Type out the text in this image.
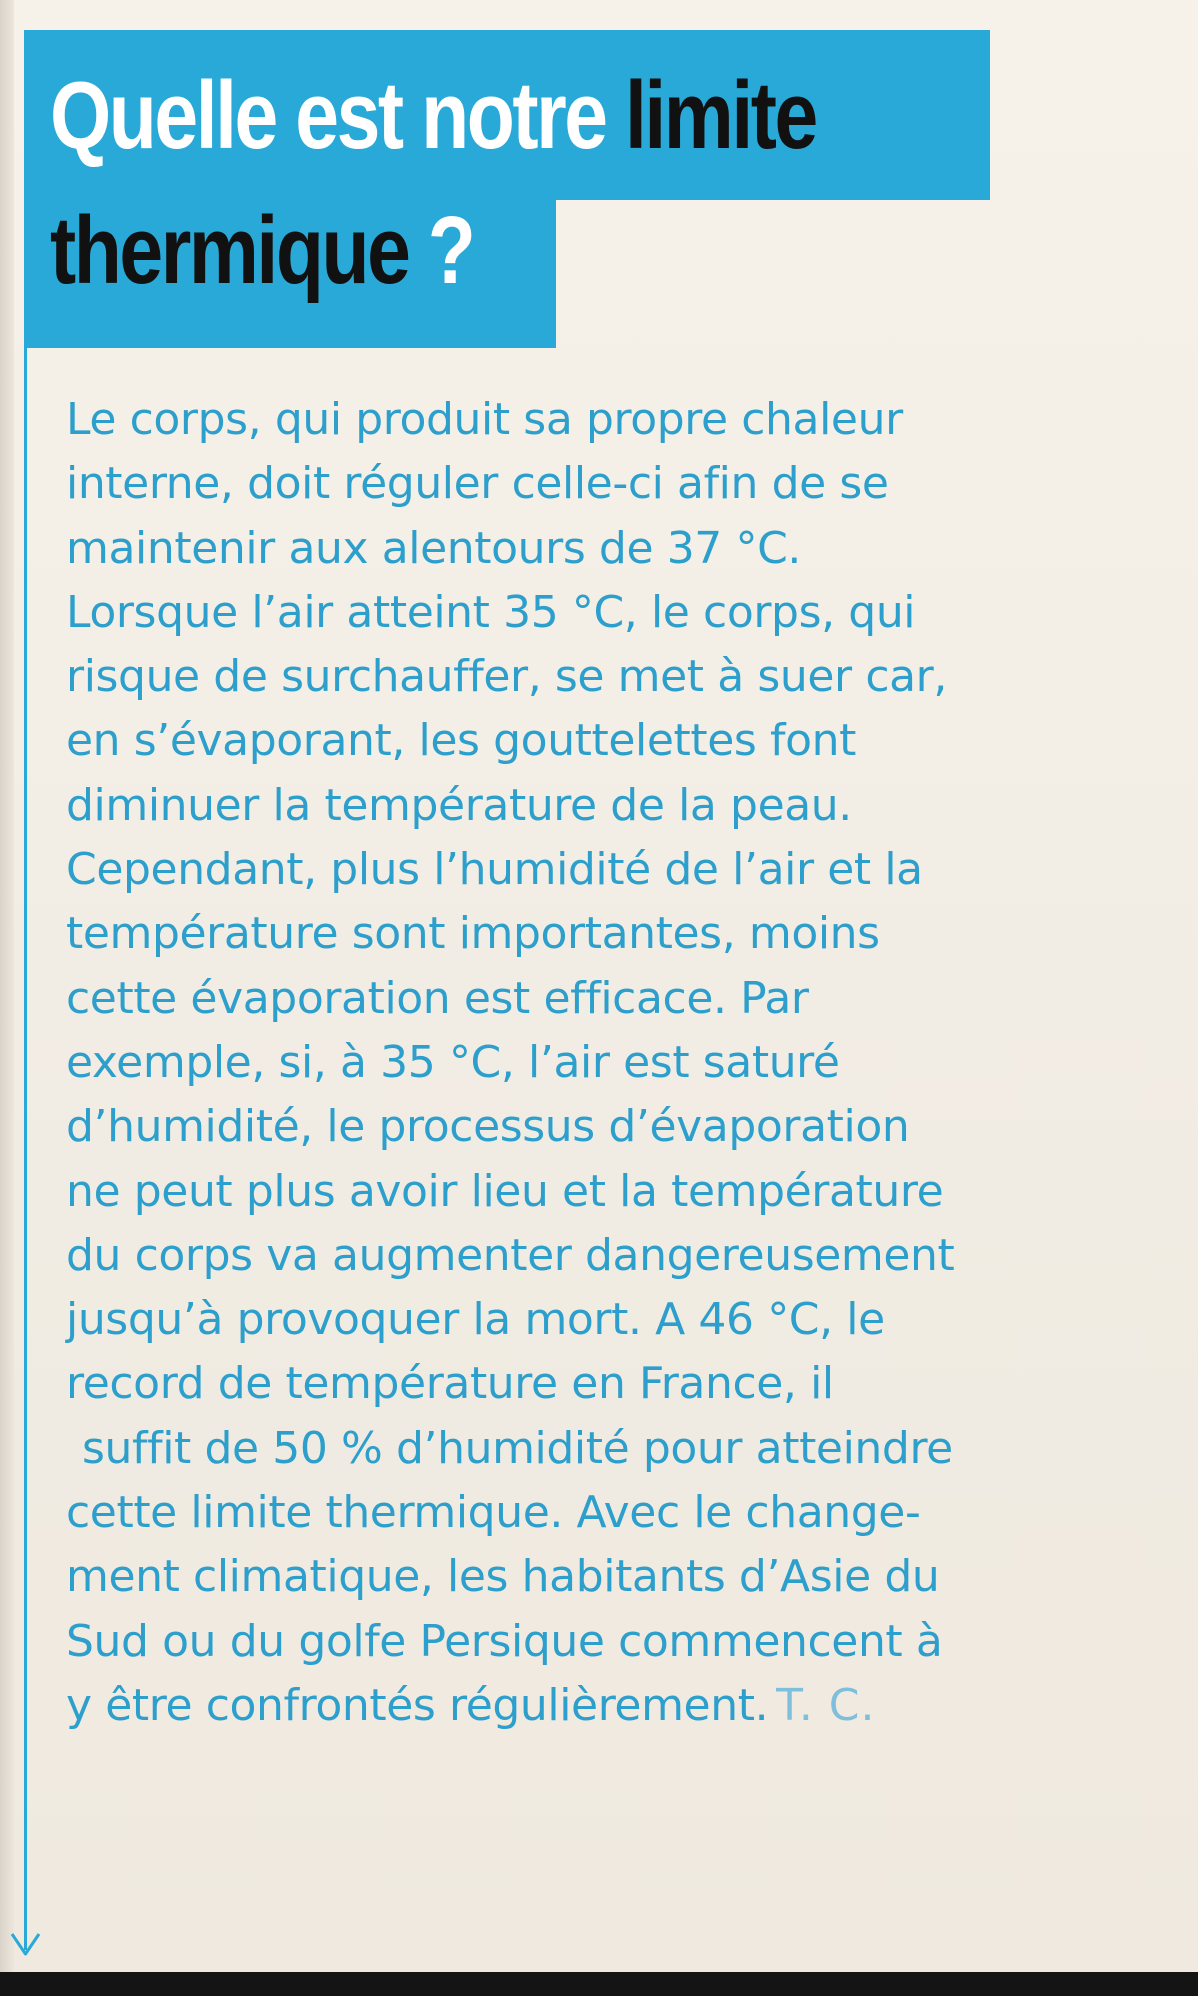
Quelle est notre limite
thermique ?
Le corps, qui produit sa propre chaleur
interne, doit réguler celle-ci afin de se
maintenir aux alentours de 37 °C.
Lorsque l’air atteint 35 °C, le corps, qui
risque de surchauffer, se met à suer car,
en s’évaporant, les gouttelettes font
diminuer la température de la peau.
Cependant, plus l’humidité de l’air et la
température sont importantes, moins
cette évaporation est efficace. Par
exemple, si, à 35 °C, l’air est saturé
d’humidité, le processus d’évaporation
ne peut plus avoir lieu et la température
du corps va augmenter dangereusement
jusqu’à provoquer la mort. A 46 °C, le
record de température en France, il
suffit de 50 % d’humidité pour atteindre
cette limite thermique. Avec le change-
ment climatique, les habitants d’Asie du
Sud ou du golfe Persique commencent à
y être confrontés régulièrement. T. C.
